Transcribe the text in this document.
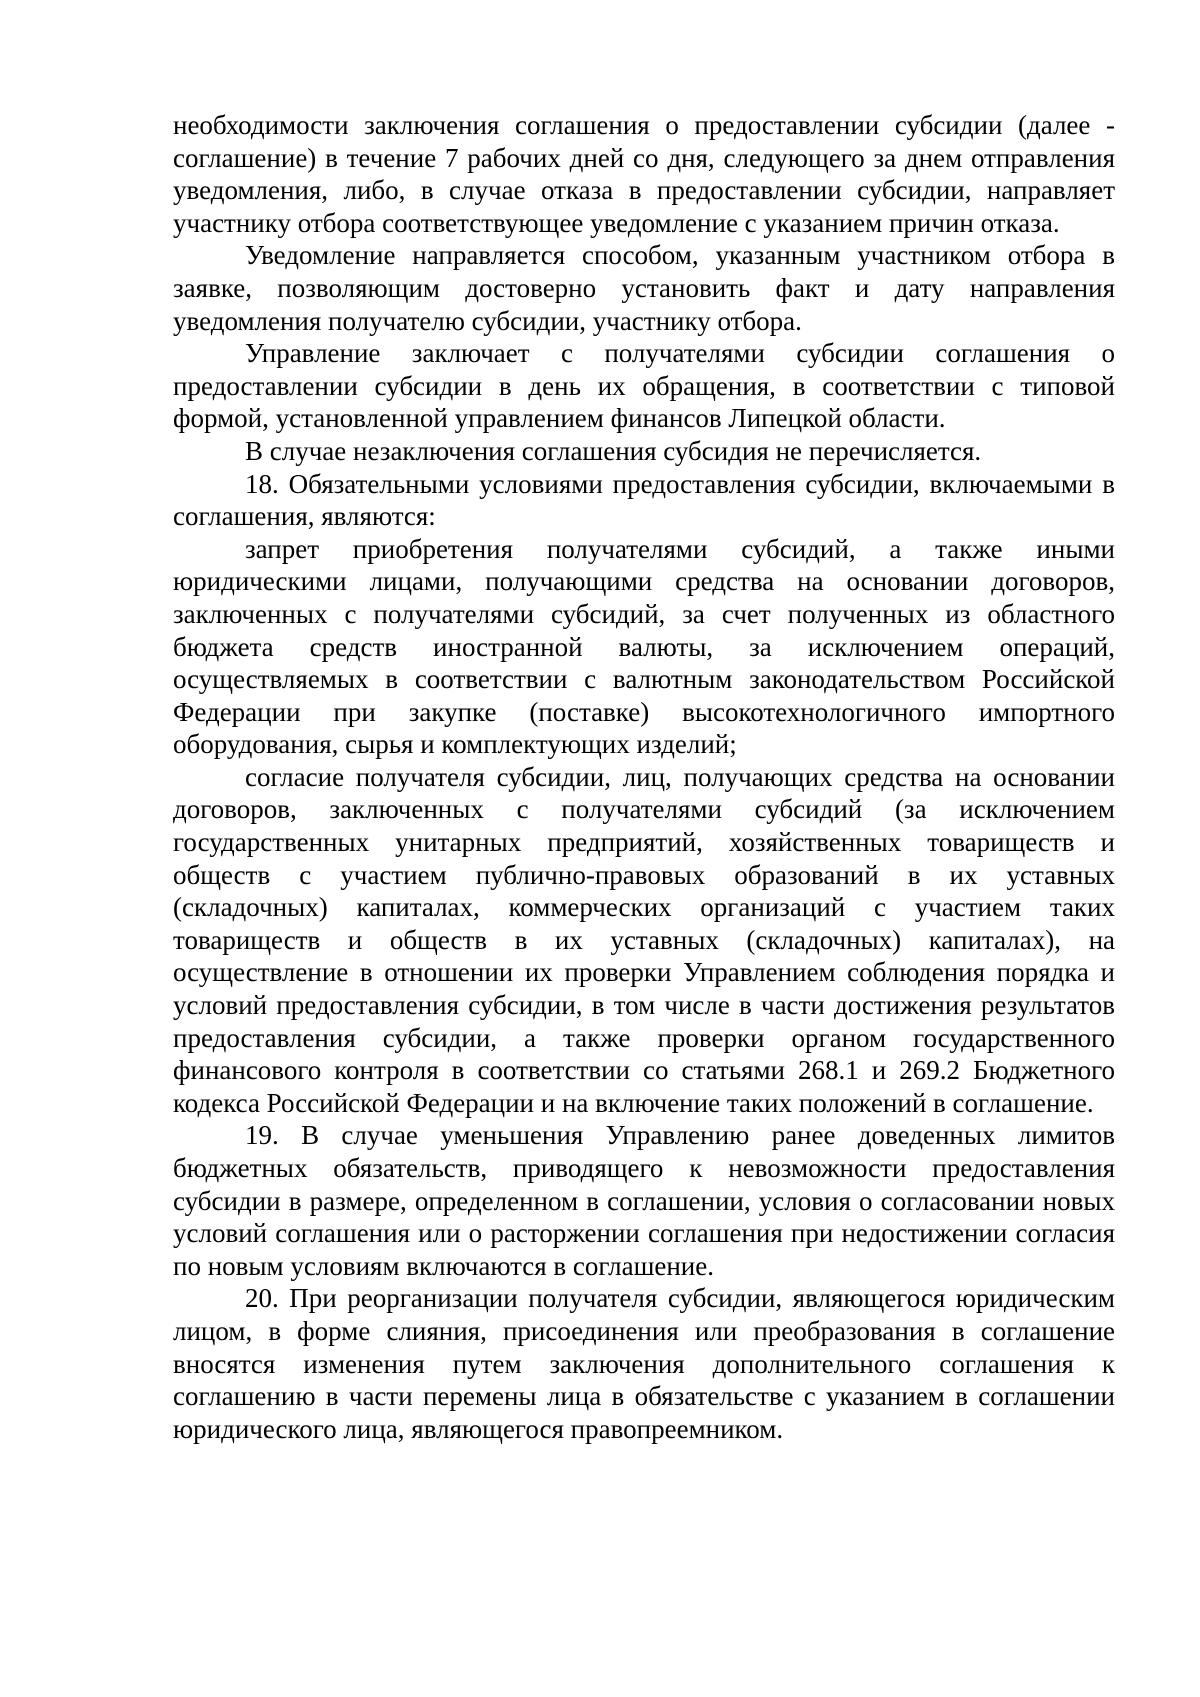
необходимости заключения соглашения о предоставлении субсидии (далее - соглашение) в течение 7 рабочих дней со дня, следующего за днем отправления уведомления, либо, в случае отказа в предоставлении субсидии, направляет участнику отбора соответствующее уведомление с указанием причин отказа.

Уведомление направляется способом, указанным участником отбора в заявке, позволяющим достоверно установить факт и дату направления уведомления получателю субсидии, участнику отбора.

Управление заключает с получателями субсидии соглашения о предоставлении субсидии в день их обращения, в соответствии с типовой формой, установленной управлением финансов Липецкой области.

В случае незаключения соглашения субсидия не перечисляется.

18. Обязательными условиями предоставления субсидии, включаемыми в соглашения, являются:

запрет приобретения получателями субсидий, а также иными юридическими лицами, получающими средства на основании договоров, заключенных с получателями субсидий, за счет полученных из областного бюджета средств иностранной валюты, за исключением операций, осуществляемых в соответствии с валютным законодательством Российской Федерации при закупке (поставке) высокотехнологичного импортного оборудования, сырья и комплектующих изделий;

согласие получателя субсидии, лиц, получающих средства на основании договоров, заключенных с получателями субсидий (за исключением государственных унитарных предприятий, хозяйственных товариществ и обществ с участием публично-правовых образований в их уставных (складочных) капиталах, коммерческих организаций с участием таких товариществ и обществ в их уставных (складочных) капиталах), на осуществление в отношении их проверки Управлением соблюдения порядка и условий предоставления субсидии, в том числе в части достижения результатов предоставления субсидии, а также проверки органом государственного финансового контроля в соответствии со статьями 268.1 и 269.2 Бюджетного кодекса Российской Федерации и на включение таких положений в соглашение.

19. В случае уменьшения Управлению ранее доведенных лимитов бюджетных обязательств, приводящего к невозможности предоставления субсидии в размере, определенном в соглашении, условия о согласовании новых условий соглашения или о расторжении соглашения при недостижении согласия по новым условиям включаются в соглашение.

20. При реорганизации получателя субсидии, являющегося юридическим лицом, в форме слияния, присоединения или преобразования в соглашение вносятся изменения путем заключения дополнительного соглашения к соглашению в части перемены лица в обязательстве с указанием в соглашении юридического лица, являющегося правопреемником.
